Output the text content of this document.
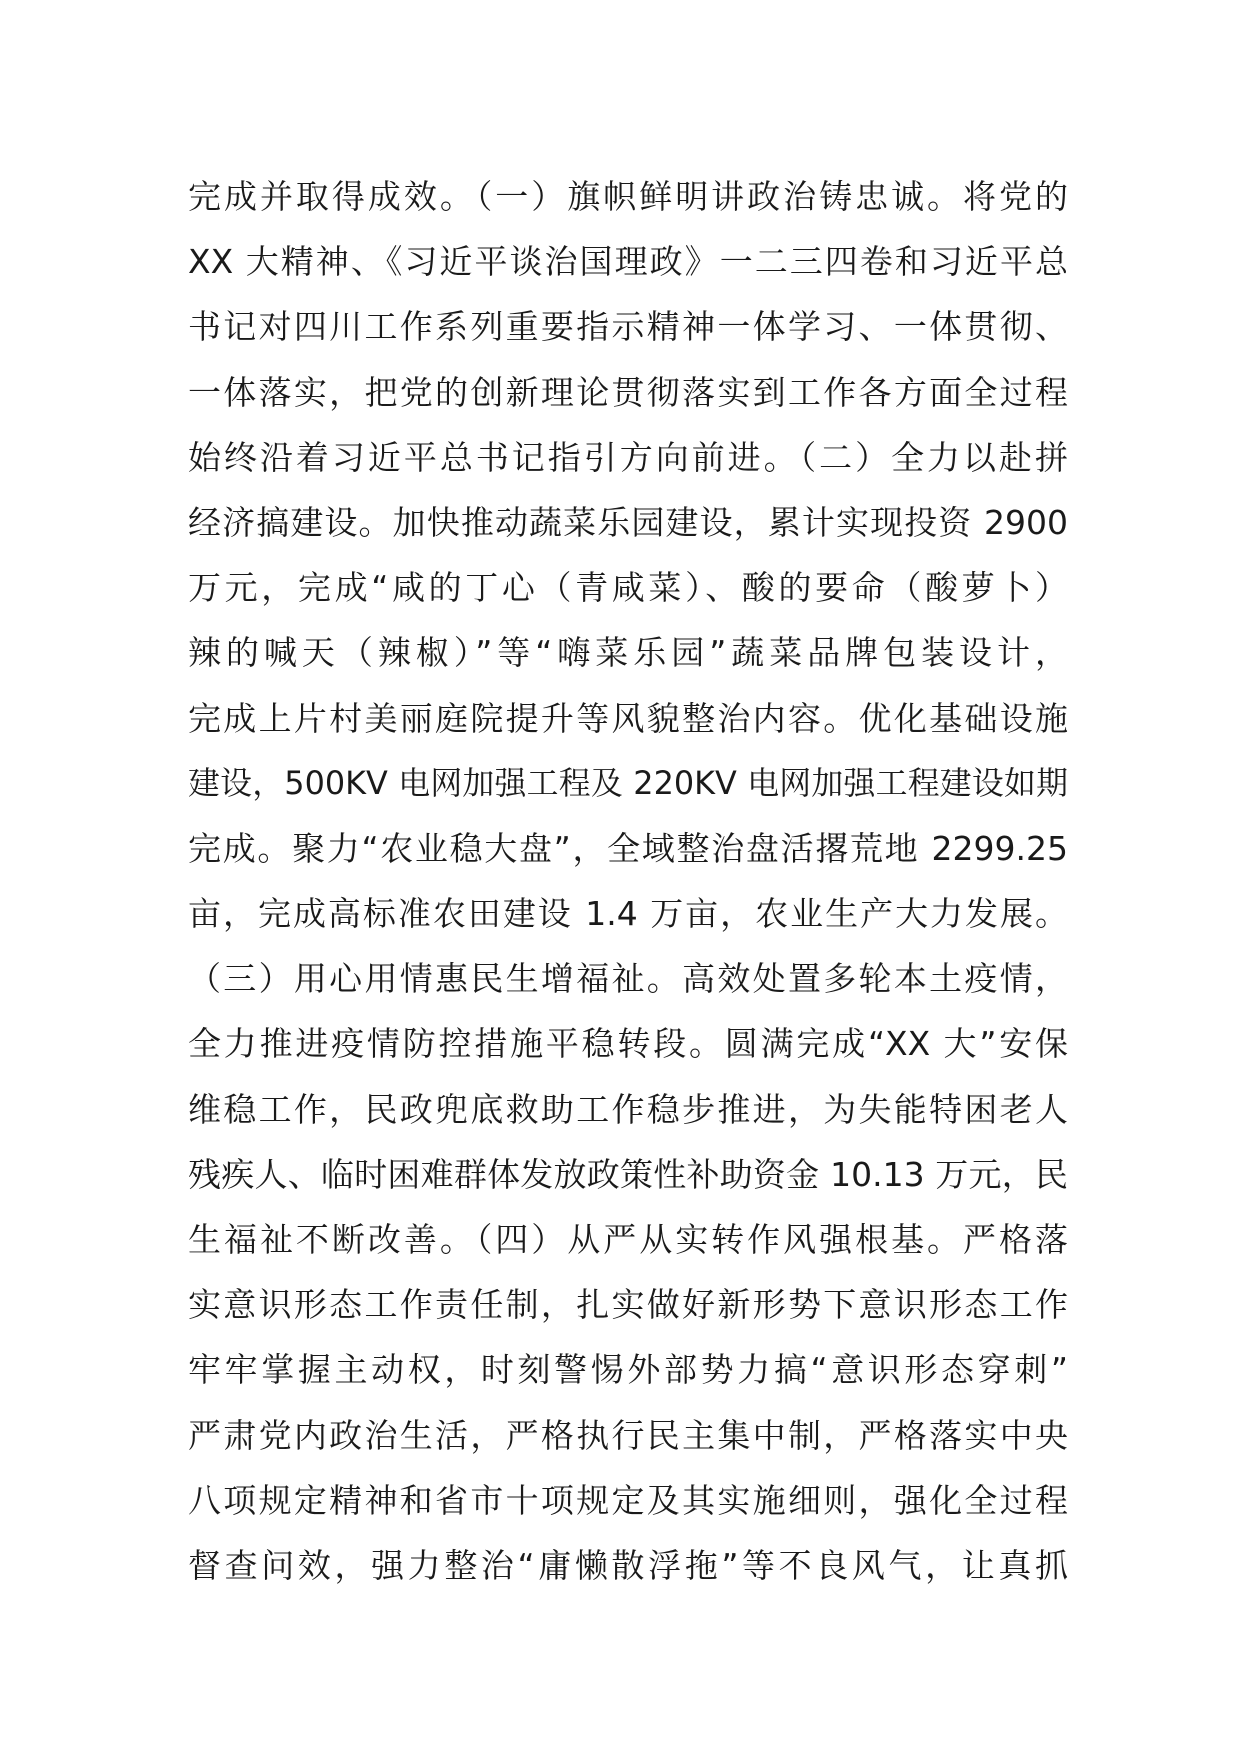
完成并取得成效。（一）旗帜鲜明讲政治铸忠诚。将党的
XX 大精神、《习近平谈治国理政》一二三四卷和习近平总
书记对四川工作系列重要指示精神一体学习、一体贯彻、
一体落实，把党的创新理论贯彻落实到工作各方面全过程
始终沿着习近平总书记指引方向前进。（二）全力以赴拼
经济搞建设。加快推动蔬菜乐园建设，累计实现投资 2900
万元，完成“咸的丁心（青咸菜）、酸的要命（酸萝卜）
辣的喊天（辣椒）”等“嗨菜乐园”蔬菜品牌包装设计，
完成上片村美丽庭院提升等风貌整治内容。优化基础设施
建设，500KV 电网加强工程及 220KV 电网加强工程建设如期
完成。聚力“农业稳大盘”，全域整治盘活撂荒地 2299.25
亩，完成高标准农田建设 1.4 万亩，农业生产大力发展。
（三）用心用情惠民生增福祉。高效处置多轮本土疫情，
全力推进疫情防控措施平稳转段。圆满完成“XX 大”安保
维稳工作，民政兜底救助工作稳步推进，为失能特困老人
残疾人、临时困难群体发放政策性补助资金 10.13 万元，民
生福祉不断改善。（四）从严从实转作风强根基。严格落
实意识形态工作责任制，扎实做好新形势下意识形态工作
牢牢掌握主动权，时刻警惕外部势力搞“意识形态穿刺”
严肃党内政治生活，严格执行民主集中制，严格落实中央
八项规定精神和省市十项规定及其实施细则，强化全过程
督查问效，强力整治“庸懒散浮拖”等不良风气，让真抓
